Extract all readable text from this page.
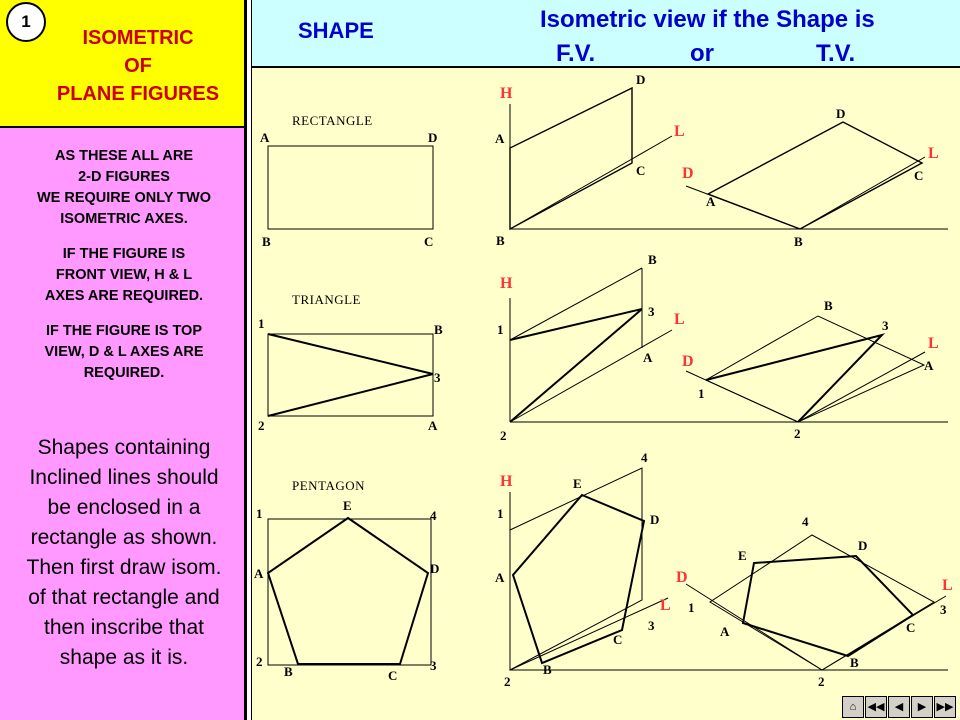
1
ISOMETRIC
OF
PLANE FIGURES

AS THESE ALL ARE
2-D FIGURES
WE REQUIRE ONLY TWO
ISOMETRIC AXES.

IF THE FIGURE IS
FRONT VIEW, H & L
AXES ARE REQUIRED.

IF THE FIGURE IS TOP
VIEW, D & L AXES ARE
REQUIRED.

Shapes containing
Inclined lines should
be enclosed in a
rectangle as shown.
Then first draw isom.
of that rectangle and
then inscribe that
shape as it is.
SHAPE	Isometric view if the Shape is
F.V.	or	T.V.
RECTANGLE
TRIANGLE
PENTAGON
A	D
B	C
H
L
D
A
C
B
D
L
D	C
A
B
1	B
3
2	A
B
H
3 L
1
A
2
B
3
L
D	A
1
2
E
1	4
A	D
2
B	C
3
4
H	E
1	D
A
L
3
C
B
2
4
D
E
D	L
1	3
A	C
B
2
⌂	◀◀ ◀	▶ ▶▶
